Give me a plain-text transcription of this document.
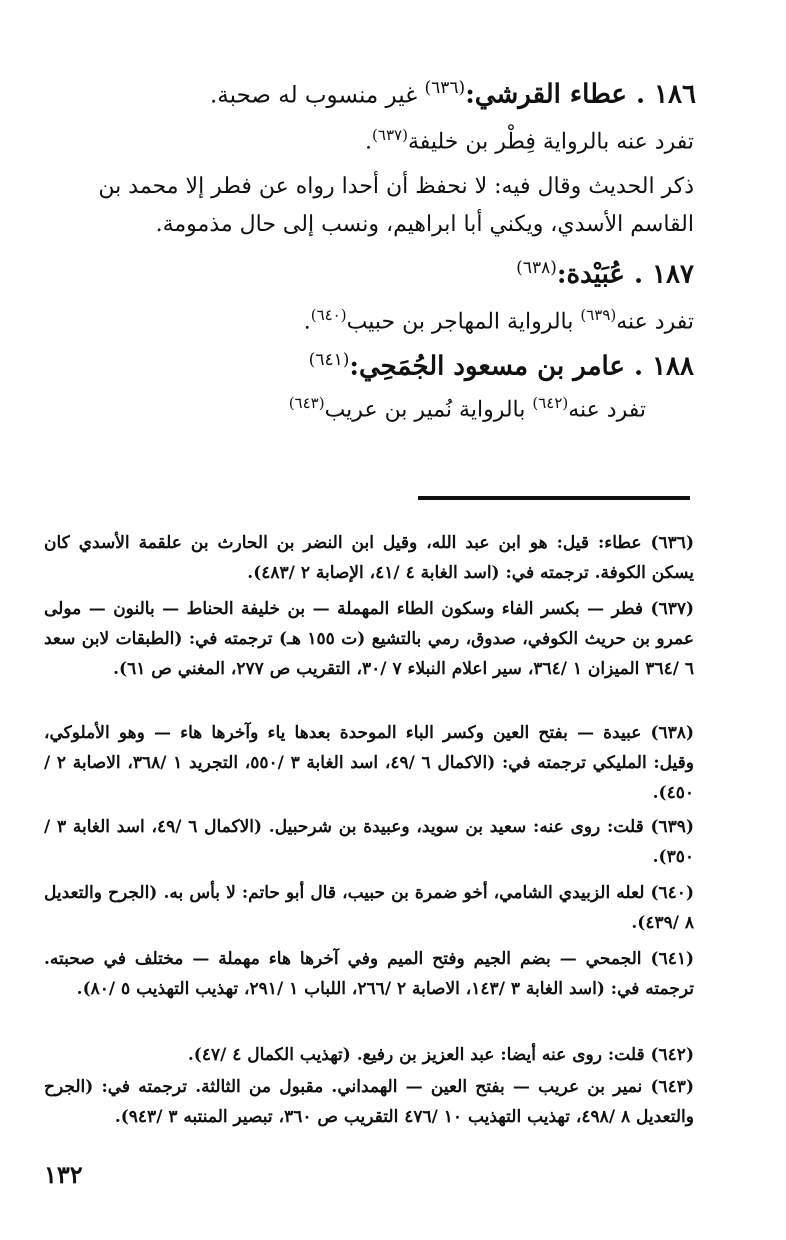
١٨٦ . عطاء القرشي:$^{(٦٣٦)}$ غير منسوب له صحبة.
تفرد عنه بالرواية فِطْر بن خليفة$^{(٦٣٧)}$.
ذكر الحديث وقال فيه: لا نحفظ أن أحدا رواه عن فطر إلا محمد بن
القاسم الأسدي، ويكني أبا ابراهيم، ونسب إلى حال مذمومة.
١٨٧ . عُبَيْدة:$^{(٦٣٨)}$
تفرد عنه$^{(٦٣٩)}$ بالرواية المهاجر بن حبيب$^{(٦٤٠)}$.
١٨٨ . عامر بن مسعود الجُمَحِي:$^{(٦٤١)}$
تفرد عنه$^{(٦٤٢)}$ بالرواية نُمير بن عريب$^{(٦٤٣)}$
(٦٣٦) عطاء: قيل: هو ابن عبد الله، وقيل ابن النضر بن الحارث بن علقمة الأسدي كان يسكن الكوفة. ترجمته في: (اسد الغابة ٤ /٤١، الإصابة ٢ /٤٨٣).
(٦٣٧) فطر — بكسر الفاء وسكون الطاء المهملة — بن خليفة الحناط — بالنون — مولى عمرو بن حريث الكوفي، صدوق، رمي بالتشيع (ت ١٥٥ هـ) ترجمته في: (الطبقات لابن سعد ٦ /٣٦٤ الميزان ١ /٣٦٤، سير اعلام النبلاء ٧ /٣٠، التقريب ص ٢٧٧، المغني ص ٦١).
(٦٣٨) عبيدة — بفتح العين وكسر الباء الموحدة بعدها ياء وآخرها هاء — وهو الأملوكي، وقيل: المليكي ترجمته في: (الاكمال ٦ /٤٩، اسد الغابة ٣ /٥٥٠، التجريد ١ /٣٦٨، الاصابة ٢ /٤٥٠).
(٦٣٩) قلت: روى عنه: سعيد بن سويد، وعبيدة بن شرحبيل. (الاكمال ٦ /٤٩، اسد الغابة ٣ /٣٥٠).
(٦٤٠) لعله الزبيدي الشامي، أخو ضمرة بن حبيب، قال أبو حاتم: لا بأس به. (الجرح والتعديل ٨ /٤٣٩).
(٦٤١) الجمحي — بضم الجيم وفتح الميم وفي آخرها هاء مهملة — مختلف في صحبته. ترجمته في: (اسد الغابة ٣ /١٤٣، الاصابة ٢ /٢٦٦، اللباب ١ /٢٩١، تهذيب التهذيب ٥ /٨٠).
(٦٤٢) قلت: روى عنه أيضا: عبد العزيز بن رفيع. (تهذيب الكمال ٤ /٤٧).
(٦٤٣) نمير بن عريب — بفتح العين — الهمداني. مقبول من الثالثة. ترجمته في: (الجرح والتعديل ٨ /٤٩٨، تهذيب التهذيب ١٠ /٤٧٦ التقريب ص ٣٦٠، تبصير المنتبه ٣ /٩٤٣).
١٣٢
